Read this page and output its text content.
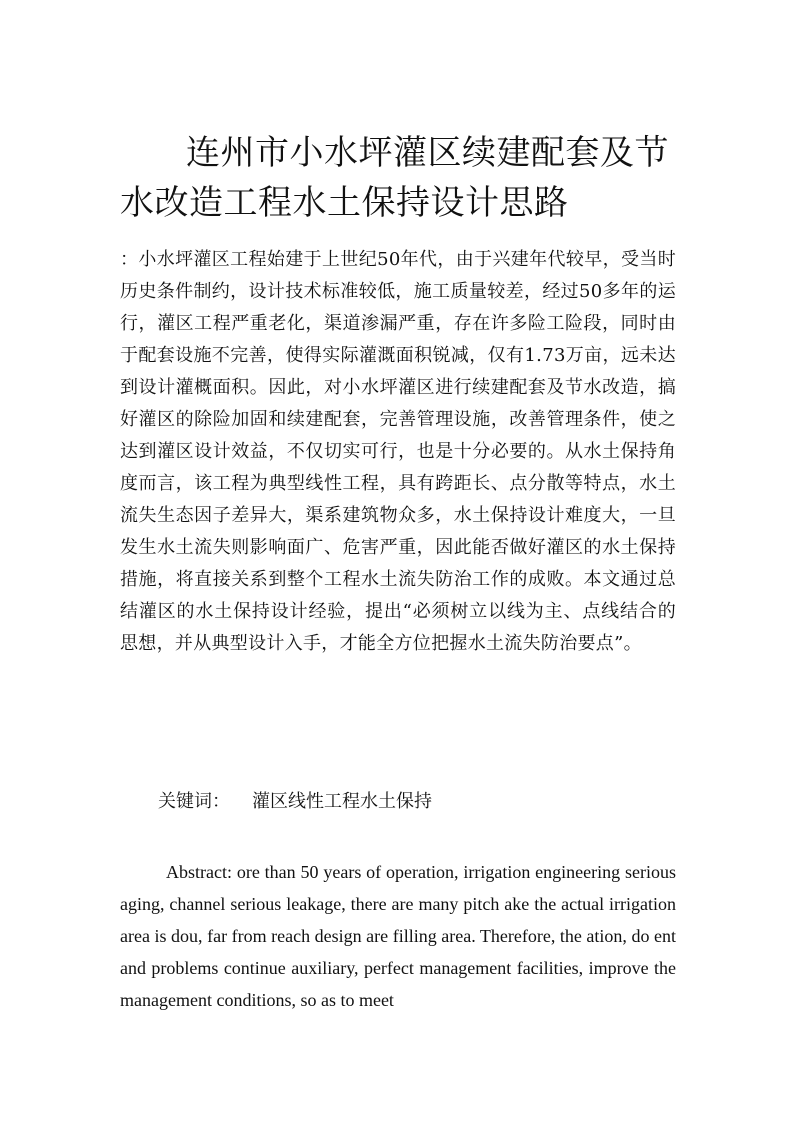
连州市小水坪灌区续建配套及节水改造工程水土保持设计思路

：小水坪灌区工程始建于上世纪50年代，由于兴建年代较早，受当时历史条件制约，设计技术标准较低，施工质量较差，经过50多年的运行，灌区工程严重老化，渠道渗漏严重，存在许多险工险段，同时由于配套设施不完善，使得实际灌溉面积锐减，仅有1.73万亩，远未达到设计灌概面积。因此，对小水坪灌区进行续建配套及节水改造，搞好灌区的除险加固和续建配套，完善管理设施，改善管理条件，使之达到灌区设计效益，不仅切实可行，也是十分必要的。从水土保持角度而言，该工程为典型线性工程，具有跨距长、点分散等特点，水土流失生态因子差异大，渠系建筑物众多，水土保持设计难度大，一旦发生水土流失则影响面广、危害严重，因此能否做好灌区的水土保持措施，将直接关系到整个工程水土流失防治工作的成败。本文通过总结灌区的水土保持设计经验，提出“必须树立以线为主、点线结合的思想，并从典型设计入手，才能全方位把握水土流失防治要点”。

关键词： 灌区线性工程水土保持

Abstract: ore than 50 years of operation, irrigation engineering serious aging, channel serious leakage, there are many pitch ake the actual irrigation area is dou, far from reach design are filling area. Therefore, the ation, do ent and problems continue auxiliary, perfect management facilities, improve the management conditions, so as to meet
